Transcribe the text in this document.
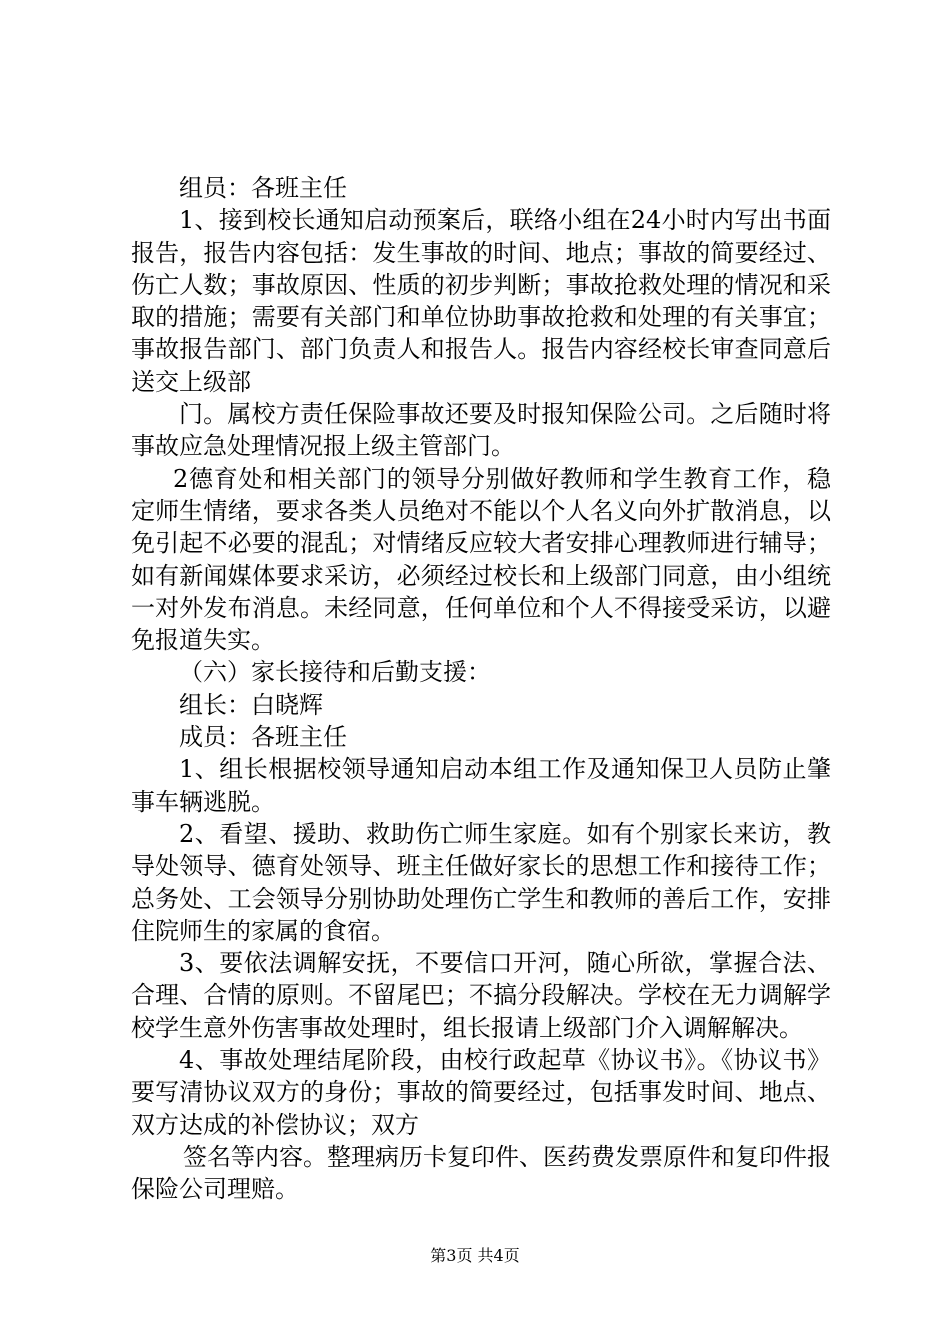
组员：各班主任

1、接到校长通知启动预案后，联络小组在24小时内写出书面报告，报告内容包括：发生事故的时间、地点；事故的简要经过、伤亡人数；事故原因、性质的初步判断；事故抢救处理的情况和采取的措施；需要有关部门和单位协助事故抢救和处理的有关事宜；事故报告部门、部门负责人和报告人。报告内容经校长审查同意后送交上级部

门。属校方责任保险事故还要及时报知保险公司。之后随时将事故应急处理情况报上级主管部门。

2德育处和相关部门的领导分别做好教师和学生教育工作，稳定师生情绪，要求各类人员绝对不能以个人名义向外扩散消息，以免引起不必要的混乱；对情绪反应较大者安排心理教师进行辅导；如有新闻媒体要求采访，必须经过校长和上级部门同意，由小组统一对外发布消息。未经同意，任何单位和个人不得接受采访，以避免报道失实。

（六）家长接待和后勤支援：

组长：白晓辉

成员：各班主任

1、组长根据校领导通知启动本组工作及通知保卫人员防止肇事车辆逃脱。

2、看望、援助、救助伤亡师生家庭。如有个别家长来访，教导处领导、德育处领导、班主任做好家长的思想工作和接待工作；总务处、工会领导分别协助处理伤亡学生和教师的善后工作，安排住院师生的家属的食宿。

3、要依法调解安抚，不要信口开河，随心所欲，掌握合法、合理、合情的原则。不留尾巴；不搞分段解决。学校在无力调解学校学生意外伤害事故处理时，组长报请上级部门介入调解解决。

4、事故处理结尾阶段，由校行政起草《协议书》。《协议书》要写清协议双方的身份；事故的简要经过，包括事发时间、地点、双方达成的补偿协议；双方

签名等内容。整理病历卡复印件、医药费发票原件和复印件报保险公司理赔。

第3页 共4页
